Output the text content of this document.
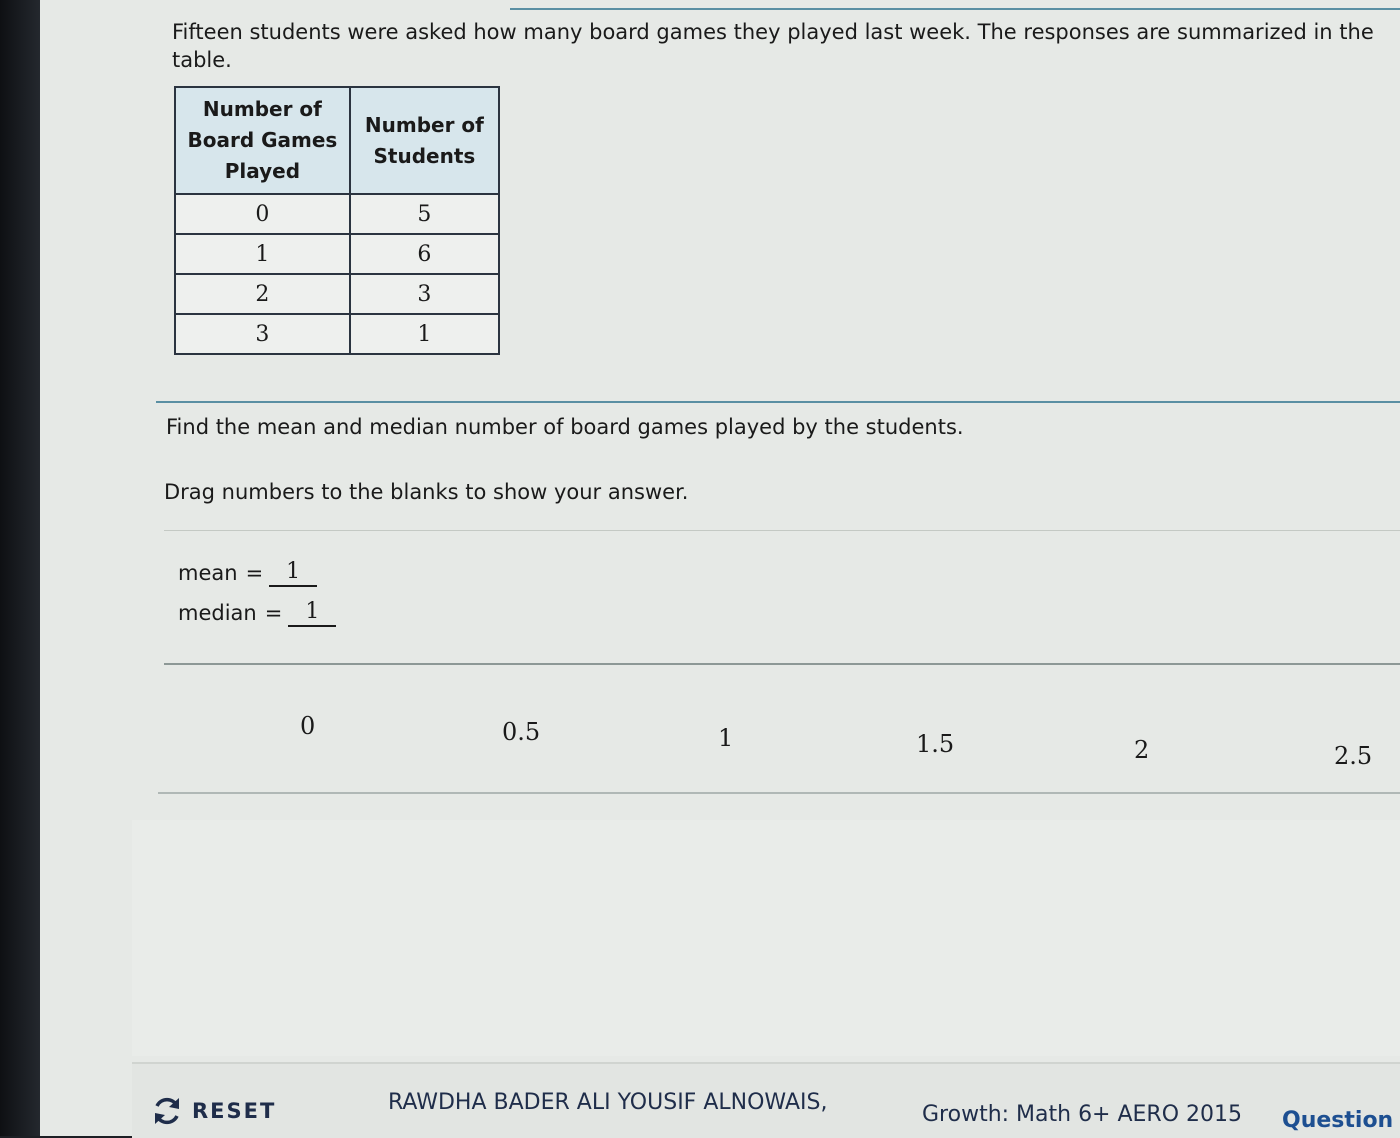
Fifteen students were asked how many board games they played last week. The responses are summarized in the table.
Number of Board Games Played	Number of Students
0	5
1	6
2	3
3	1
Find the mean and median number of board games played by the students.
Drag numbers to the blanks to show your answer.
mean =	1
median =	1
0	0.5	1	1.5	2	2.5
RESET	RAWDHA BADER ALI YOUSIF ALNOWAIS,	Growth: Math 6+ AERO 2015 Question
